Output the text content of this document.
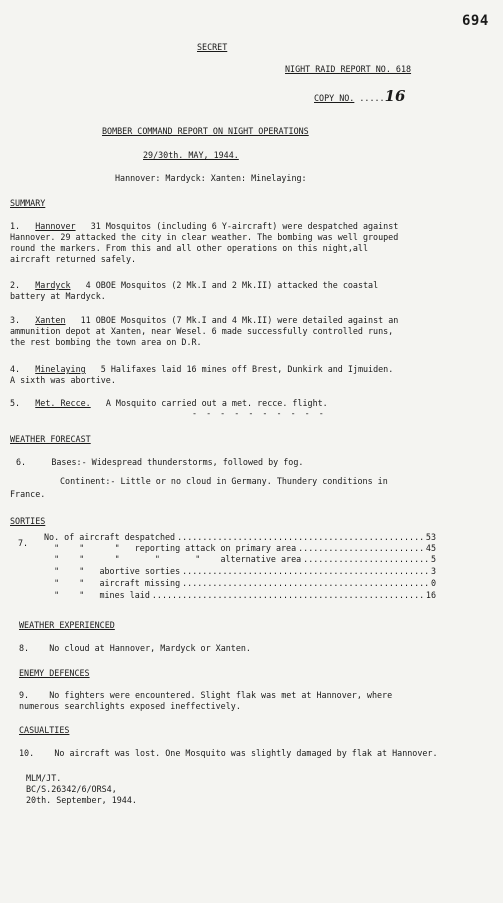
694
SECRET
NIGHT RAID REPORT NO. 618
COPY NO. .....16
BOMBER COMMAND REPORT ON NIGHT OPERATIONS
29/30th. MAY, 1944.
Hannover: Mardyck: Xanten: Minelaying:
SUMMARY
1. Hannover 31 Mosquitos (including 6 Y-aircraft) were despatched against
Hannover. 29 attacked the city in clear weather. The bombing was well grouped
round the markers. From this and all other operations on this night,all
aircraft returned safely.
2. Mardyck 4 OBOE Mosquitos (2 Mk.I and 2 Mk.II) attacked the coastal
battery at Mardyck.
3. Xanten 11 OBOE Mosquitos (7 Mk.I and 4 Mk.II) were detailed against an
ammunition depot at Xanten, near Wesel. 6 made successfully controlled runs,
the rest bombing the town area on D.R.
4. Minelaying 5 Halifaxes laid 16 mines off Brest, Dunkirk and Ijmuiden.
A sixth was abortive.
5. Met. Recce. A Mosquito carried out a met. recce. flight.
- - - - - - - - - -
WEATHER FORECAST
6.	Bases:- Widespread thunderstorms, followed by fog.
Continent:- Little or no cloud in Germany. Thundery conditions in
France.
SORTIES
7.
No. of aircraft despatched .....	53
"    "      "   reporting attack on primary area .....	45
"    "      "       "       "    alternative area .....	5
"    "   abortive sorties .....	3
"    "   aircraft missing .....	0
"    "   mines laid .....	16
WEATHER EXPERIENCED
8. No cloud at Hannover, Mardyck or Xanten.
ENEMY DEFENCES
9. No fighters were encountered. Slight flak was met at Hannover, where
numerous searchlights exposed ineffectively.
CASUALTIES
10. No aircraft was lost. One Mosquito was slightly damaged by flak at Hannover.
MLM/JT.
BC/S.26342/6/ORS4,
20th. September, 1944.
